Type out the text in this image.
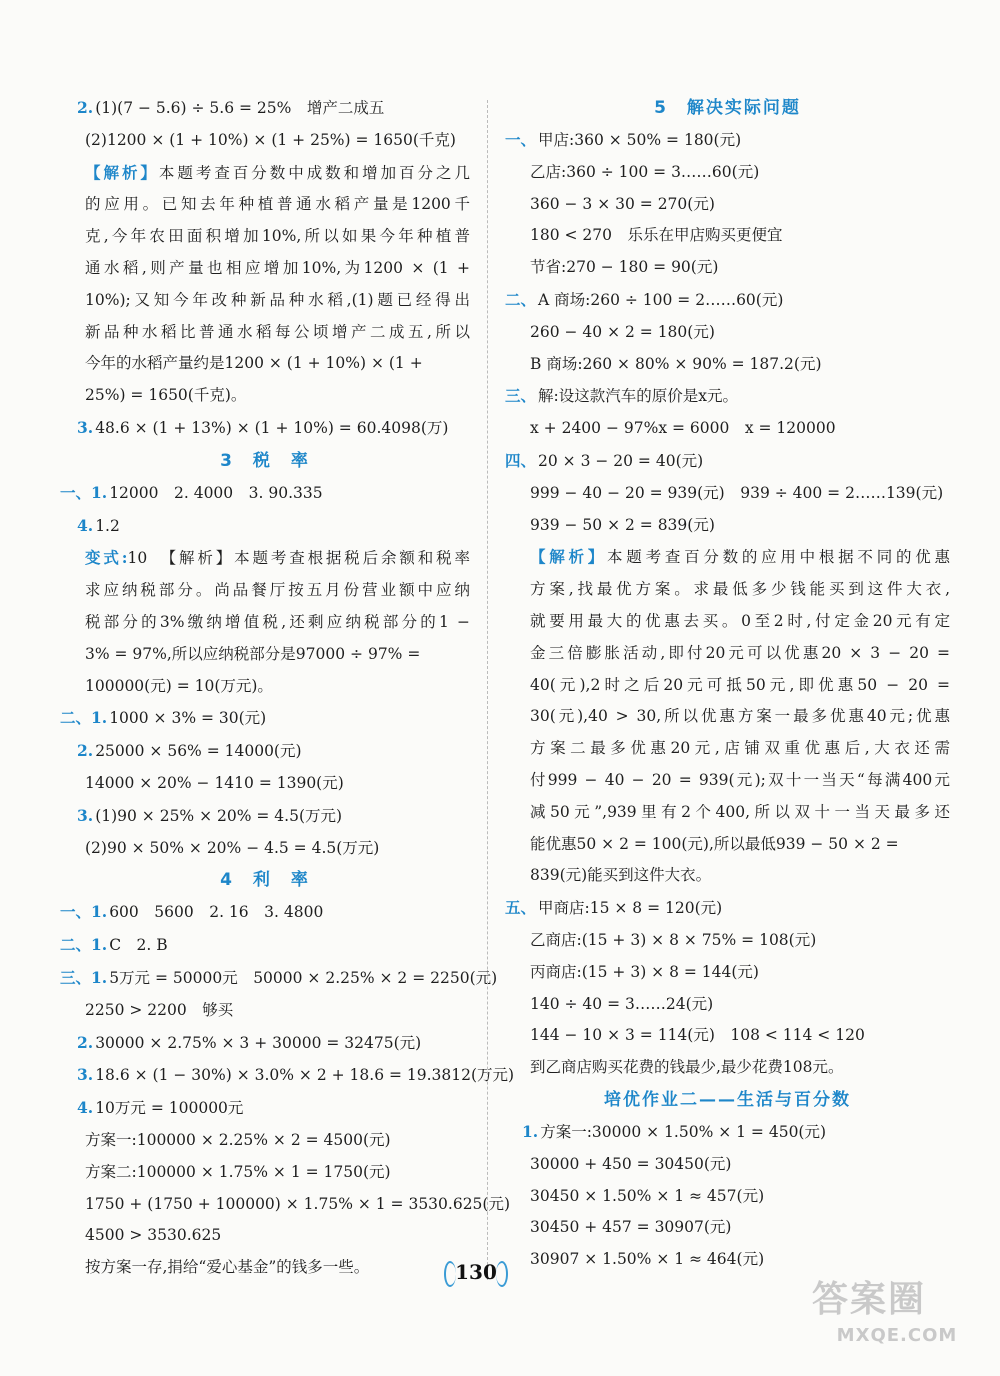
2. (1)(7 − 5.6) ÷ 5.6 = 25%　增产二成五
(2)1200 × (1 + 10%) × (1 + 25%) = 1650(千克)
【解析】本题考查百分数中成数和增加百分之几
的应用。已知去年种植普通水稻产量是1200千
克,今年农田面积增加10%,所以如果今年种植普
通水稻,则产量也相应增加10%,为1200 × (1 +
10%);又知今年改种新品种水稻,(1)题已经得出
新品种水稻比普通水稻每公顷增产二成五,所以
今年的水稻产量约是1200 × (1 + 10%) × (1 +
25%) = 1650(千克)。
3. 48.6 × (1 + 13%) × (1 + 10%) = 60.4098(万)
3　税　率
一、1. 12000　2. 4000　3. 90.335
4. 1.2
变式:10　【解析】本题考查根据税后余额和税率
求应纳税部分。尚品餐厅按五月份营业额中应纳
税部分的3%缴纳增值税,还剩应纳税部分的1 −
3% = 97%,所以应纳税部分是97000 ÷ 97% =
100000(元) = 10(万元)。
二、1. 1000 × 3% = 30(元)
2. 25000 × 56% = 14000(元)
14000 × 20% − 1410 = 1390(元)
3. (1)90 × 25% × 20% = 4.5(万元)
(2)90 × 50% × 20% − 4.5 = 4.5(万元)
4　利　率
一、1. 600　5600　2. 16　3. 4800
二、1. C　2. B
三、1. 5万元 = 50000元　50000 × 2.25% × 2 = 2250(元)
2250 > 2200　够买
2. 30000 × 2.75% × 3 + 30000 = 32475(元)
3. 18.6 × (1 − 30%) × 3.0% × 2 + 18.6 = 19.3812(万元)
4. 10万元 = 100000元
方案一:100000 × 2.25% × 2 = 4500(元)
方案二:100000 × 1.75% × 1 = 1750(元)
1750 + (1750 + 100000) × 1.75% × 1 = 3530.625(元)
4500 > 3530.625
按方案一存,捐给“爱心基金”的钱多一些。
5　解决实际问题
一、 甲店:360 × 50% = 180(元)
乙店:360 ÷ 100 = 3……60(元)
360 − 3 × 30 = 270(元)
180 < 270　乐乐在甲店购买更便宜
节省:270 − 180 = 90(元)
二、 A 商场:260 ÷ 100 = 2……60(元)
260 − 40 × 2 = 180(元)
B 商场:260 × 80% × 90% = 187.2(元)
三、 解:设这款汽车的原价是x元。
x + 2400 − 97%x = 6000　x = 120000
四、 20 × 3 − 20 = 40(元)
999 − 40 − 20 = 939(元)　939 ÷ 400 = 2……139(元)
939 − 50 × 2 = 839(元)
【解析】本题考查百分数的应用中根据不同的优惠
方案,找最优方案。求最低多少钱能买到这件大衣,
就要用最大的优惠去买。0至2时,付定金20元有定
金三倍膨胀活动,即付20元可以优惠20 × 3 − 20 =
40(元),2时之后20元可抵50元,即优惠50 − 20 =
30(元),40 > 30,所以优惠方案一最多优惠40元;优惠
方案二最多优惠20元,店铺双重优惠后,大衣还需
付999 − 40 − 20 = 939(元);双十一当天“每满400元
减50元”,939里有2个400,所以双十一当天最多还
能优惠50 × 2 = 100(元),所以最低939 − 50 × 2 =
839(元)能买到这件大衣。
五、 甲商店:15 × 8 = 120(元)
乙商店:(15 + 3) × 8 × 75% = 108(元)
丙商店:(15 + 3) × 8 = 144(元)
140 ÷ 40 = 3……24(元)
144 − 10 × 3 = 114(元)　108 < 114 < 120
到乙商店购买花费的钱最少,最少花费108元。
培优作业二——生活与百分数
1. 方案一:30000 × 1.50% × 1 = 450(元)
30000 + 450 = 30450(元)
30450 × 1.50% × 1 ≈ 457(元)
30450 + 457 = 30907(元)
30907 × 1.50% × 1 ≈ 464(元)
130
答案圈
MXQE.COM
